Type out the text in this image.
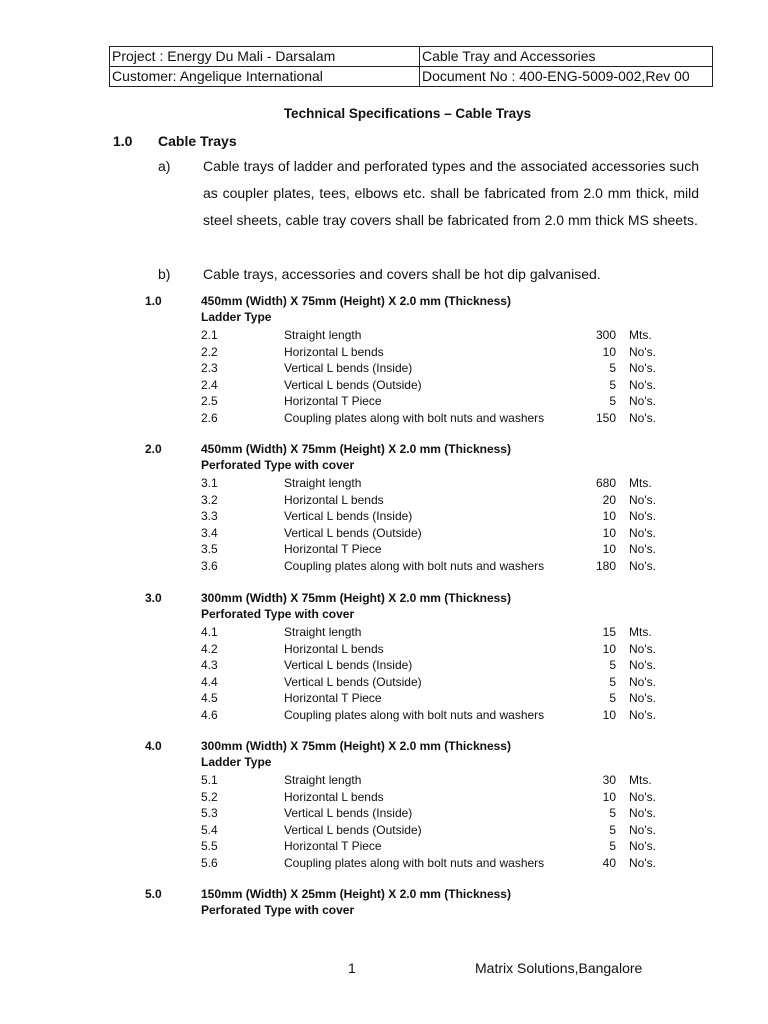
Project : Energy Du Mali - Darsalam	Cable Tray and Accessories
Customer: Angelique International	Document No : 400-ENG-5009-002,Rev 00
Technical Specifications – Cable Trays
1.0 Cable Trays
a) Cable trays of ladder and perforated types and the associated accessories such as coupler plates, tees, elbows etc. shall be fabricated from 2.0 mm thick, mild steel sheets, cable tray covers shall be fabricated from 2.0 mm thick MS sheets.
b) Cable trays, accessories and covers shall be hot dip galvanised.
1.0	450mm (Width) X 75mm (Height) X 2.0 mm (Thickness)
Ladder Type
2.1	Straight length	300 Mts.
2.2	Horizontal L bends	10 No's.
2.3	Vertical L bends (Inside)	5 No's.
2.4	Vertical L bends (Outside)	5 No's.
2.5	Horizontal T Piece	5 No's.
2.6	Coupling plates along with bolt nuts and washers	150 No's.
2.0	450mm (Width) X 75mm (Height) X 2.0 mm (Thickness)
Perforated Type with cover
3.1	Straight length	680 Mts.
3.2	Horizontal L bends	20 No's.
3.3	Vertical L bends (Inside)	10 No's.
3.4	Vertical L bends (Outside)	10 No's.
3.5	Horizontal T Piece	10 No's.
3.6	Coupling plates along with bolt nuts and washers	180 No's.
3.0	300mm (Width) X 75mm (Height) X 2.0 mm (Thickness)
Perforated Type with cover
4.1	Straight length	15 Mts.
4.2	Horizontal L bends	10 No's.
4.3	Vertical L bends (Inside)	5 No's.
4.4	Vertical L bends (Outside)	5 No's.
4.5	Horizontal T Piece	5 No's.
4.6	Coupling plates along with bolt nuts and washers	10 No's.
4.0	300mm (Width) X 75mm (Height) X 2.0 mm (Thickness)
Ladder Type
5.1	Straight length	30 Mts.
5.2	Horizontal L bends	10 No's.
5.3	Vertical L bends (Inside)	5 No's.
5.4	Vertical L bends (Outside)	5 No's.
5.5	Horizontal T Piece	5 No's.
5.6	Coupling plates along with bolt nuts and washers	40 No's.
5.0	150mm (Width) X 25mm (Height) X 2.0 mm (Thickness)
Perforated Type with cover
1	Matrix Solutions,Bangalore
